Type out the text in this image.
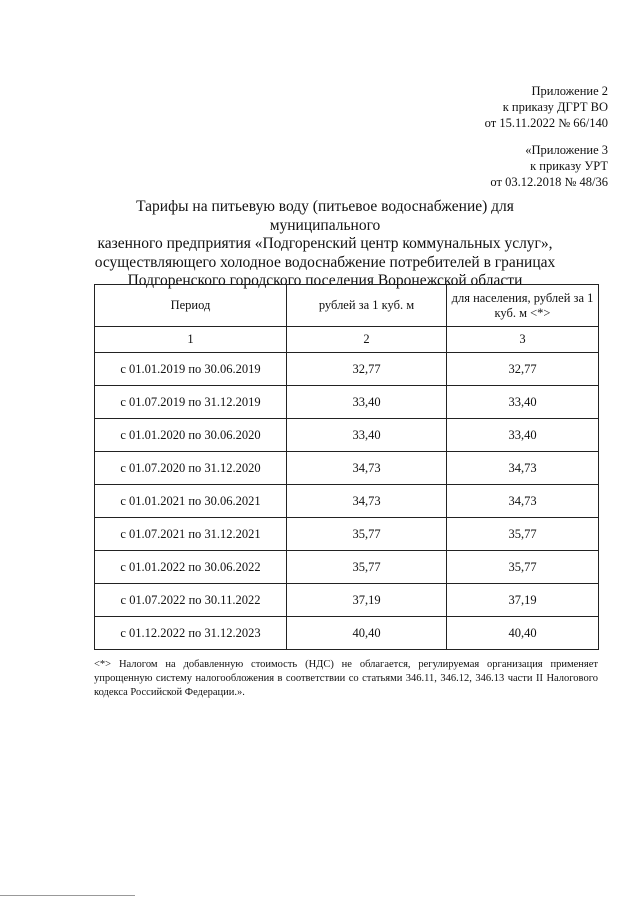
Приложение 2
к приказу ДГРТ ВО
от 15.11.2022 № 66/140
«Приложение 3
к приказу УРТ
от 03.12.2018 № 48/36
Тарифы на питьевую воду (питьевое водоснабжение) для муниципального
казенного предприятия «Подгоренский центр коммунальных услуг»,
осуществляющего холодное водоснабжение потребителей в границах
Подгоренского городского поселения Воронежской области
Период	рублей за 1 куб. м	для населения, рублей за 1 куб. м <*>
1	2	3
с 01.01.2019 по 30.06.2019	32,77	32,77
с 01.07.2019 по 31.12.2019	33,40	33,40
с 01.01.2020 по 30.06.2020	33,40	33,40
с 01.07.2020 по 31.12.2020	34,73	34,73
с 01.01.2021 по 30.06.2021	34,73	34,73
с 01.07.2021 по 31.12.2021	35,77	35,77
с 01.01.2022 по 30.06.2022	35,77	35,77
с 01.07.2022 по 30.11.2022	37,19	37,19
с 01.12.2022 по 31.12.2023	40,40	40,40
<*> Налогом на добавленную стоимость (НДС) не облагается, регулируемая организация применяет упрощенную систему налогообложения в соответствии со статьями 346.11, 346.12, 346.13 части II Налогового кодекса Российской Федерации.».
